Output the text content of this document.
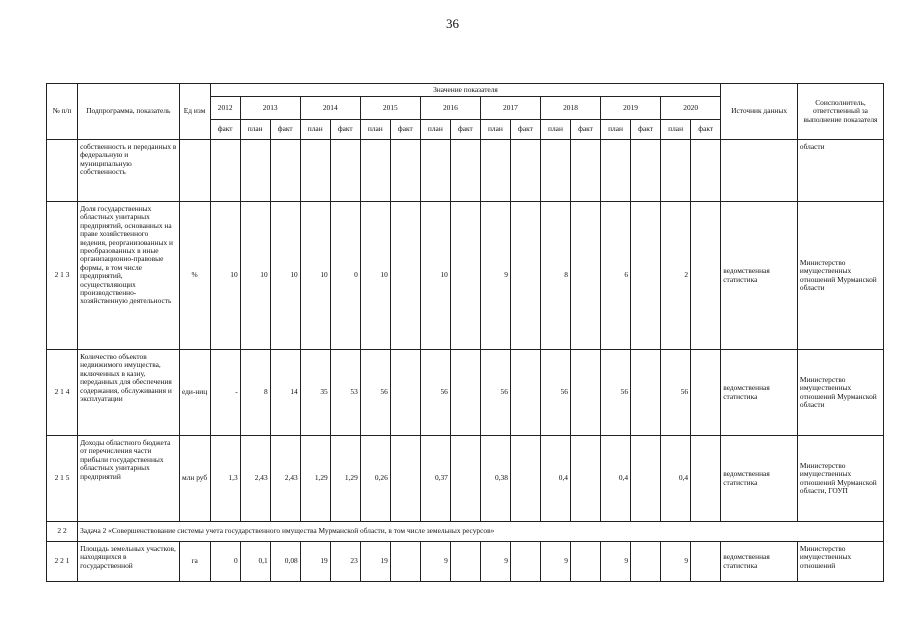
36
№ п/п	Подпрограмма, показатель	Ед изм	Значение показателя																	Источник данных	Соисполнитель, ответственный за выполнение показателя
			2012	2013		2014		2015		2016		2017		2018		2019		2020			
			факт	план	факт	план	факт	план	факт	план	факт	план	факт	план	факт	план	факт	план	факт		
	собственность и переданных в федеральную и муниципальную собственность																				области
2 1 3	Доля государственных областных унитарных предприятий, основанных на праве хозяйственного ведения, реорганизованных и преобразованных в иные организационно-правовые формы, в том числе предприятий, осуществляющих производственно-хозяйственную деятельность	%	10	10	10	10	0	10		10		9		8		6		2		ведомственная статистика	Министерство имущественных отношений Мурманской области
2 1 4	Количество объектов недвижимого имущества, включенных в казну, переданных для обеспечения содержания, обслуживания и эксплуатации	еди-ниц	-	8	14	35	53	56		56		56		56		56		56		ведомственная статистика	Министерство имущественных отношений Мурманской области
2 1 5	Доходы областного бюджета от перечисления части прибыли государственных областных унитарных предприятий	млн руб	1,3	2,43	2,43	1,29	1,29	0,26		0,37		0,38		0,4		0,4		0,4		ведомственная статистика	Министерство имущественных отношений Мурманской области, ГОУП
2 2	Задача 2 «Совершенствование системы учета государственного имущества Мурманской области, в том числе земельных ресурсов»																				
2 2 1	Площадь земельных участков, находящихся в государственной	га	0	0,1	0,08	19	23	19		9		9		9		9		9		ведомственная статистика	Министерство имущественных отношений
